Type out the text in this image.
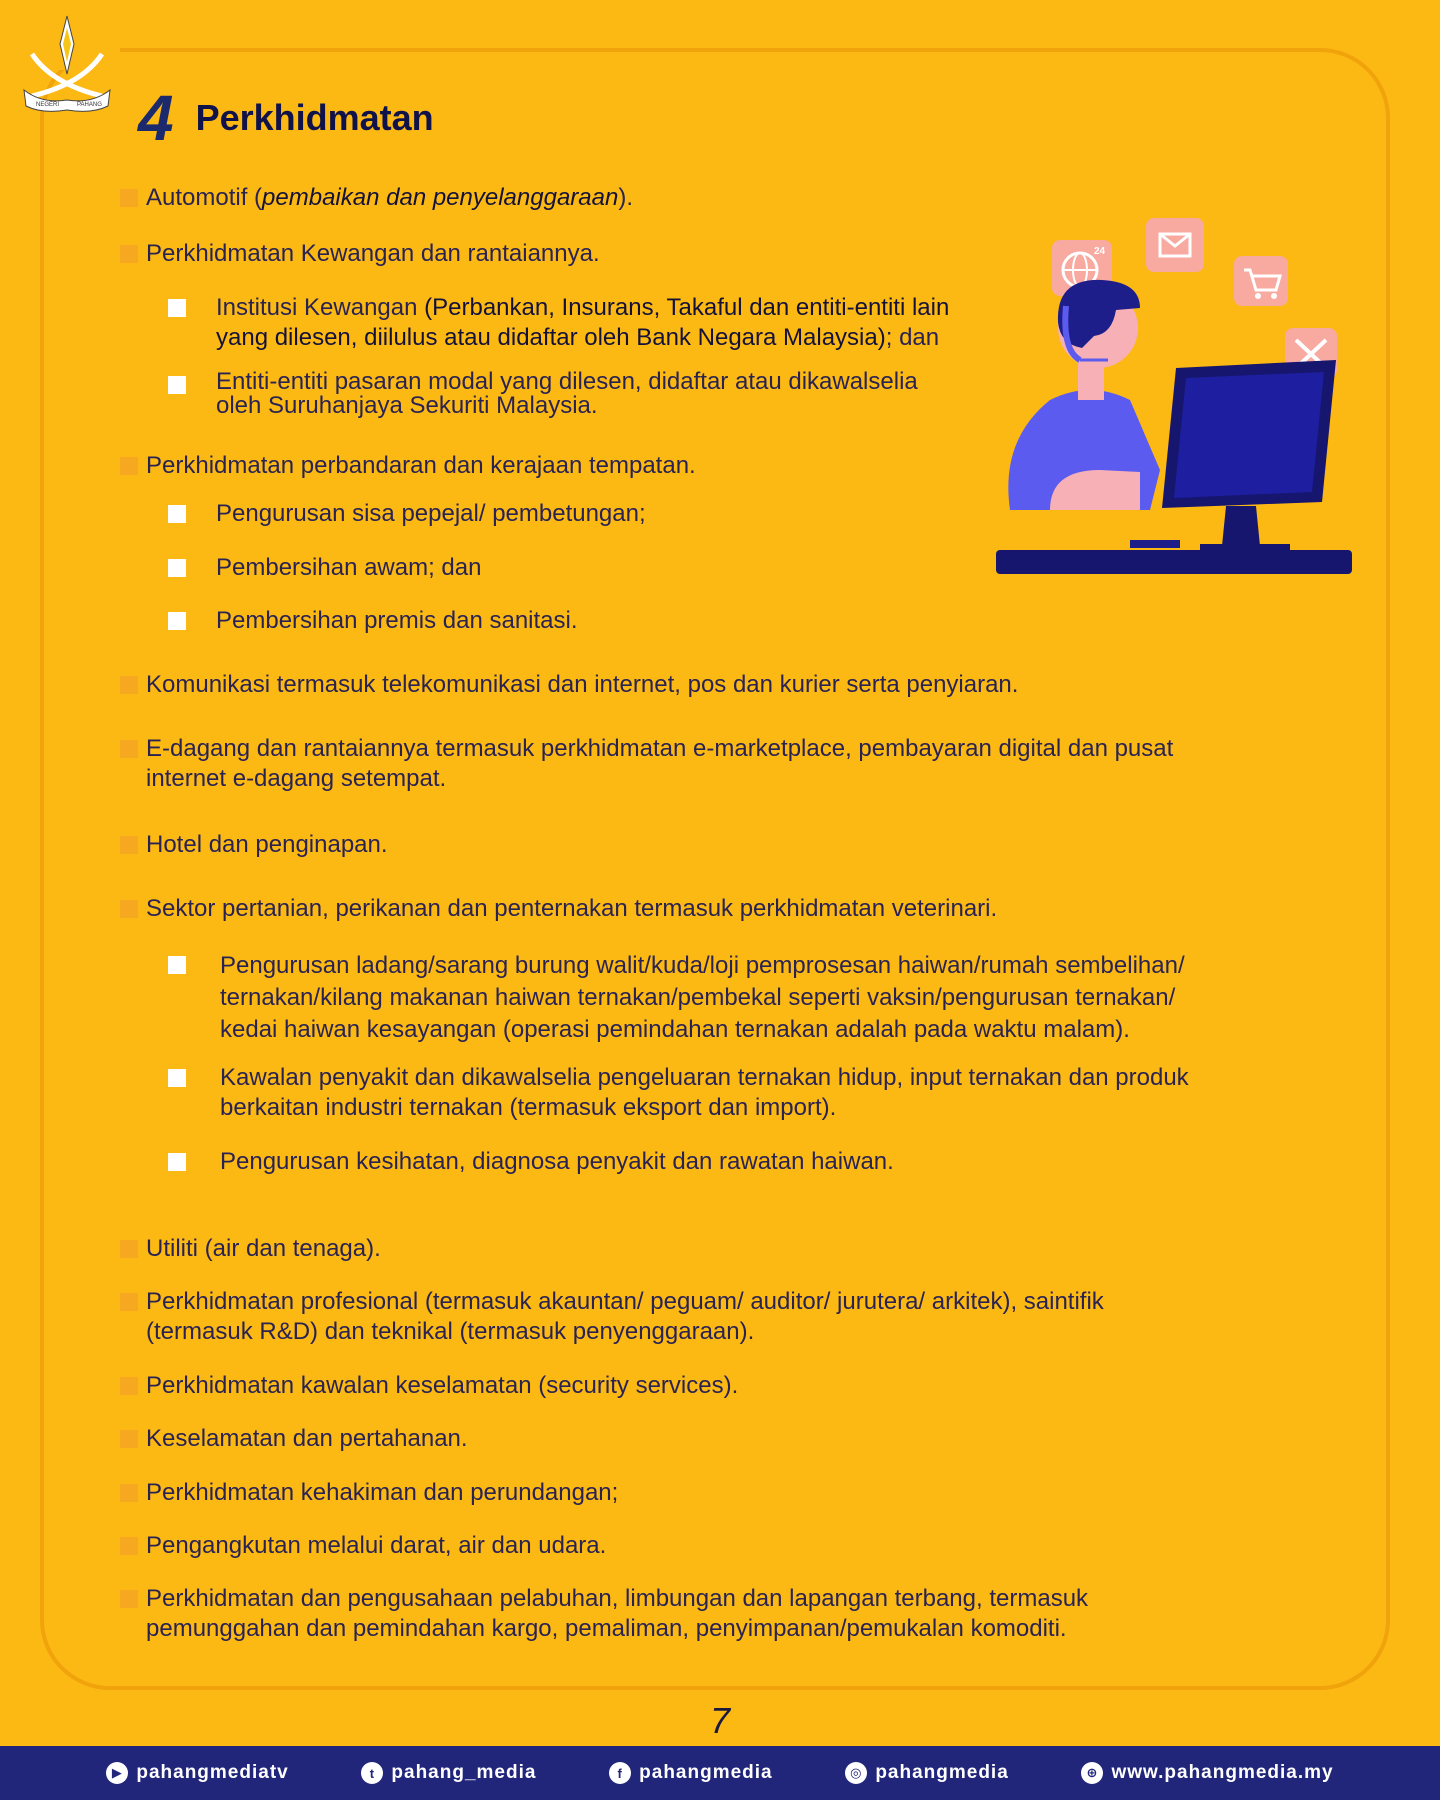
NEGERI	PAHANG 4 Perkhidmatan
Automotif (pembaikan dan penyelanggaraan).
Perkhidmatan Kewangan dan rantaiannya.
Institusi Kewangan (Perbankan, Insurans, Takaful dan entiti-entiti lain
yang dilesen, diilulus atau didaftar oleh Bank Negara Malaysia); dan
Entiti-entiti pasaran modal yang dilesen, didaftar atau dikawalselia
oleh Suruhanjaya Sekuriti Malaysia.
Perkhidmatan perbandaran dan kerajaan tempatan.
Pengurusan sisa pepejal/ pembetungan;
Pembersihan awam; dan
Pembersihan premis dan sanitasi.
Komunikasi termasuk telekomunikasi dan internet, pos dan kurier serta penyiaran.
E-dagang dan rantaiannya termasuk perkhidmatan e-marketplace, pembayaran digital dan pusat
internet e-dagang setempat.
Hotel dan penginapan.
Sektor pertanian, perikanan dan penternakan termasuk perkhidmatan veterinari.
Pengurusan ladang/sarang burung walit/kuda/loji pemprosesan haiwan/rumah sembelihan/
ternakan/kilang makanan haiwan ternakan/pembekal seperti vaksin/pengurusan ternakan/
kedai haiwan kesayangan (operasi pemindahan ternakan adalah pada waktu malam).
Kawalan penyakit dan dikawalselia pengeluaran ternakan hidup, input ternakan dan produk
berkaitan industri ternakan (termasuk eksport dan import).
Pengurusan kesihatan, diagnosa penyakit dan rawatan haiwan.
Utiliti (air dan tenaga).
Perkhidmatan profesional (termasuk akauntan/ peguam/ auditor/ jurutera/ arkitek), saintifik
(termasuk R&D) dan teknikal (termasuk penyenggaraan).
Perkhidmatan kawalan keselamatan (security services).
Keselamatan dan pertahanan.
Perkhidmatan kehakiman dan perundangan;
Pengangkutan melalui darat, air dan udara.
Perkhidmatan dan pengusahaan pelabuhan, limbungan dan lapangan terbang, termasuk
pemunggahan dan pemindahan kargo, pemaliman, penyimpanan/pemukalan komoditi.
24
7
▶ pahangmediatv	t pahang_media	f pahangmedia	◎ pahangmedia	⊕ www.pahangmedia.my
